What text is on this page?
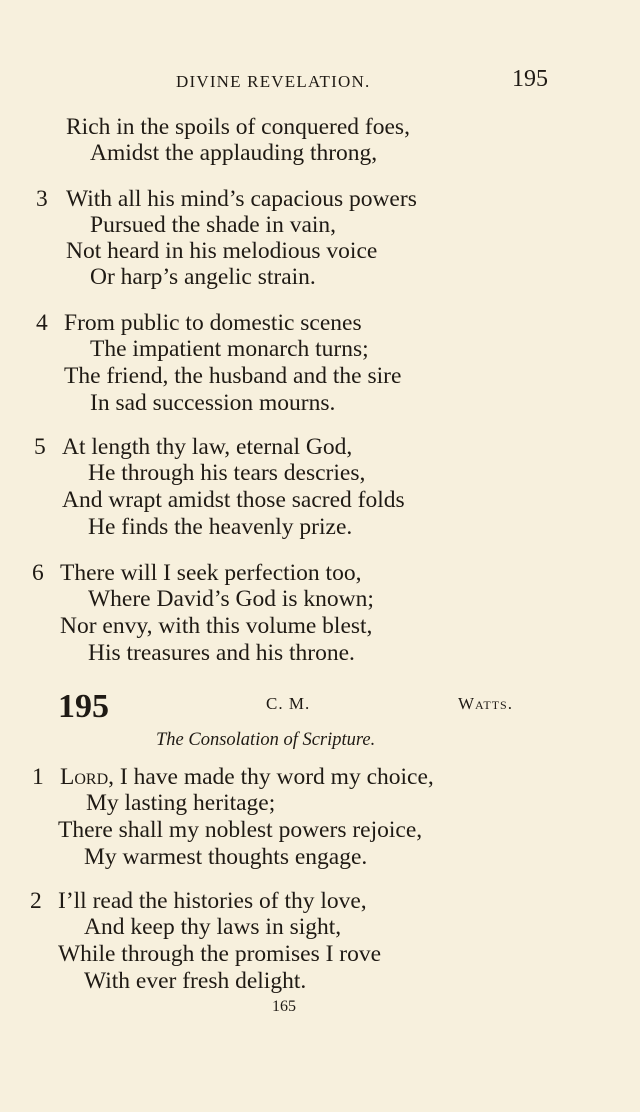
DIVINE REVELATION.	195
Rich in the spoils of conquered foes,
Amidst the applauding throng,
3 With all his mind’s capacious powers
Pursued the shade in vain,
Not heard in his melodious voice
Or harp’s angelic strain.
4 From public to domestic scenes
The impatient monarch turns;
The friend, the husband and the sire
In sad succession mourns.
5 At length thy law, eternal God,
He through his tears descries,
And wrapt amidst those sacred folds
He finds the heavenly prize.
6 There will I seek perfection too,
Where David’s God is known;
Nor envy, with this volume blest,
His treasures and his throne.
195	C. M.	Watts.
The Consolation of Scripture.
1 Lord, I have made thy word my choice,
My lasting heritage;
There shall my noblest powers rejoice,
My warmest thoughts engage.
2 I’ll read the histories of thy love,
And keep thy laws in sight,
While through the promises I rove
With ever fresh delight.
165
